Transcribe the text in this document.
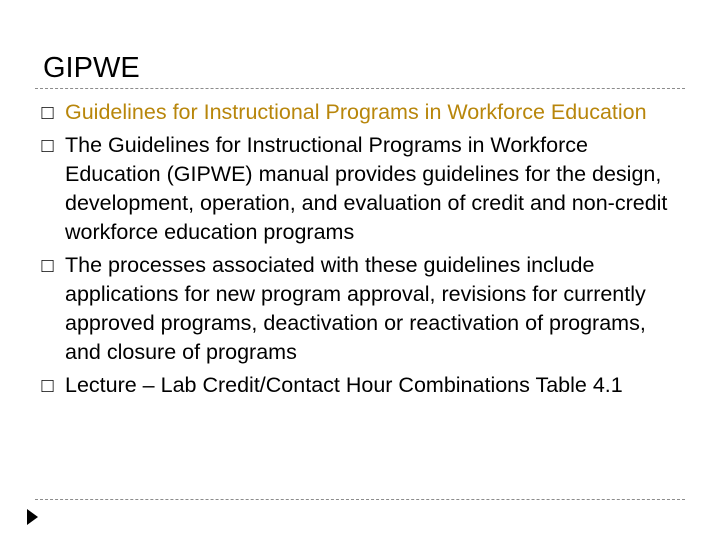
GIPWE
□ Guidelines for Instructional Programs in Workforce Education
□ The Guidelines for Instructional Programs in Workforce Education (GIPWE) manual provides guidelines for the design, development, operation, and evaluation of credit and non-credit workforce education programs
□ The processes associated with these guidelines include applications for new program approval, revisions for currently approved programs, deactivation or reactivation of programs, and closure of programs
□ Lecture – Lab Credit/Contact Hour Combinations Table 4.1
